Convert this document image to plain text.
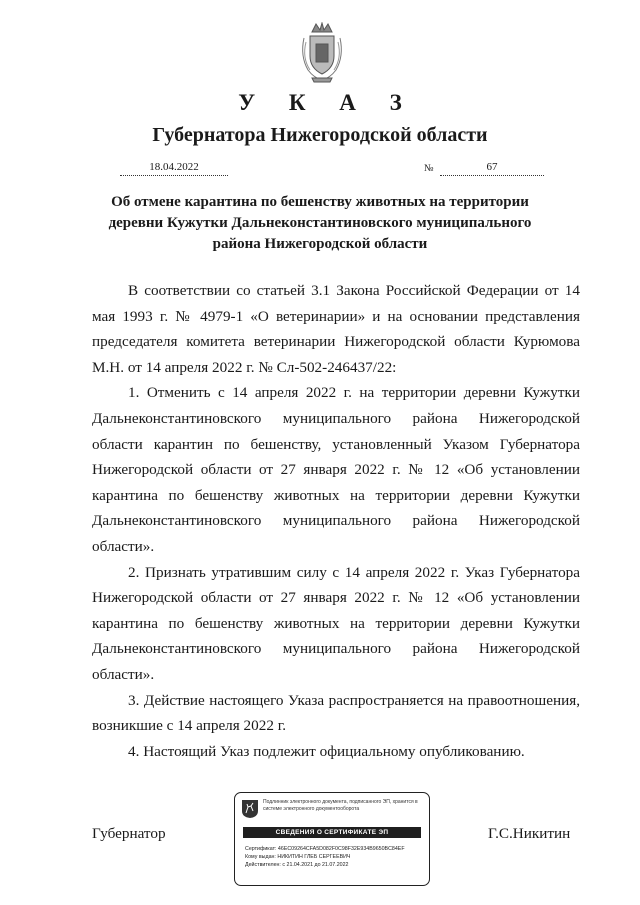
У К А З
Губернатора Нижегородской области
18.04.2022	№	67
Об отмене карантина по бешенству животных на территории
деревни Кужутки Дальнеконстантиновского муниципального
района Нижегородской области

В соответствии со статьей 3.1 Закона Российской Федерации от 14 мая 1993 г. № 4979-1 «О ветеринарии» и на основании представления председателя комитета ветеринарии Нижегородской области Курюмова М.Н. от 14 апреля 2022 г. № Сл-502-246437/22:

1. Отменить с 14 апреля 2022 г. на территории деревни Кужутки Дальнеконстантиновского муниципального района Нижегородской области карантин по бешенству, установленный Указом Губернатора Нижегородской области от 27 января 2022 г. № 12 «Об установлении карантина по бешенству животных на территории деревни Кужутки Дальнеконстантиновского муниципального района Нижегородской области».

2. Признать утратившим силу с 14 апреля 2022 г. Указ Губернатора Нижегородской области от 27 января 2022 г. № 12 «Об установлении карантина по бешенству животных на территории деревни Кужутки Дальнеконстантиновского муниципального района Нижегородской области».

3. Действие настоящего Указа распространяется на правоотношения, возникшие с 14 апреля 2022 г.

4. Настоящий Указ подлежит официальному опубликованию.

Губернатор	Г.С.Никитин
Подлинник электронного документа, подписанного ЭП, хранится в системе электронного документооборота
СВЕДЕНИЯ О СЕРТИФИКАТЕ ЭП
Сертификат: 46EC09264CFA5D082F0C98F32E934B9650BC84EF
Кому выдан: НИКИТИН ГЛЕБ СЕРГЕЕВИЧ
Действителен: с 21.04.2021 до 21.07.2022
